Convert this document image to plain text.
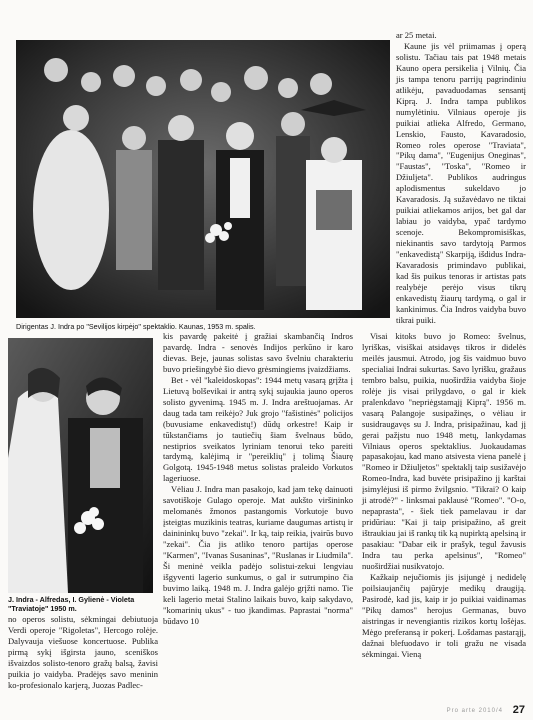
Dirigentas J. Indra po "Sevilijos kirpėjo" spektaklio. Kaunas, 1953 m. spalis.
J. Indra - Alfredas, I. Gylienė - Violeta "Traviatoje" 1950 m.

ar 25 metai.

Kaune jis vėl priimamas į operą solistu. Tačiau tais pat 1948 metais Kauno opera persikelia į Vilnių. Čia jis tampa tenoru parrijų pagrindiniu atlikėju, pavaduodamas sensantį Kiprą. J. Indra tampa publikos numylėtiniu. Vilniaus operoje jis puikiai atlieka Alfredo, Germano, Lenskio, Fausto, Kavaradosio, Romeo roles operose "Traviata", "Pikų dama", "Eugenijus Oneginas", "Faustas", "Toska", "Romeo ir Džiuljeta". Publikos audringus aplodismentus sukeldavo jo Kavaradosis. Ją sužavėdavo ne tiktai puikiai atliekamos arijos, bet gal dar labiau jo vaidyba, ypač tardymo scenoje. Bekompromisiškas, niekinantis savo tardytoją Parmos "enkavedistą" Skarpiją, išdidus Indra-Kavaradosis primindavo publikai, kad šis puikus tenoras ir artistas pats realybėje perėjo visus tikrų enkavedistų žiaurų tardymą, o gal ir kankinimus. Čia Indros vaidyba buvo tikrai puiki.

kis pavardę pakeitė į gražiai skambančią Indros pavardę. Indra - senovės Indijos perkūno ir karo dievas. Beje, jaunas solistas savo švelniu charakteriu buvo priešingybė šio dievo grėsmingiems įvaizdžiams.

Bet - vėl "kaleidoskopas": 1944 metų vasarą grįžta į Lietuvą bolševikai ir antrą sykį sujaukia jauno operos solisto gyvenimą. 1945 m. J. Indra areštuojamas. Ar daug tada tam reikėjo? Juk grojo "fašistinės" policijos (buvusiame enkavedistų!) dūdų orkestre! Kaip ir tūkstančiams jo tautiečių šiam švelnaus būdo, nestiprios sveikatos lyriniam tenorui teko pareiti tardymą, kalėjimą ir "pereiklių" į tolimą Šiaurę Golgotą. 1945-1948 metus solistas praleido Vorkutos lageriuose.

Vėliau J. Indra man pasakojo, kad jam tekę dainuoti savotiškoje Gulago operoje. Mat aukšto viršininko melomanės žmonos pastangomis Vorkutoje buvo įsteigtas muzikinis teatras, kuriame daugumas artistų ir dainininkų buvo "zekai". Ir ką, taip reikia, įvairūs buvo "zekai". Čia jis atliko tenoro partijas operose "Karmen", "Ivanas Susaninas", "Ruslanas ir Liudmila". Ši meninė veikla padėjo solistui-zekui lengviau išgyventi lagerio sunkumus, o gal ir sutrumpino čia buvimo laiką. 1948 m. J. Indra galėjo grįžti namo. Tie keli lagerio metai Stalino laikais buvo, kaip sakydavo, "komarinių ukus" - tuo jkandimas. Paprastai "norma" būdavo 10

no operos solistu, sėkmingai debiutuoja Verdi operoje "Rigoletas", Hercogo rolėje. Dalyvauja viešuose koncertuose. Publika pirmą sykį išgirsta jauno, sceniškos išvaizdos solisto-tenoro gražų balsą, žavisi puikia jo vaidyba. Pradėjęs savo meninin ko-profesionalo karjerą, Juozas Padlec-

Visai kitoks buvo jo Romeo: švelnus, lyriškas, visiškai atsidavęs tikros ir didelės meilės jausmui. Atrodo, jog šis vaidmuo buvo specialiai Indrai sukurtas. Savo lyrišku, gražaus tembro balsu, puikia, nuoširdžia vaidyba šioje rolėje jis visai prilygdavo, o gal ir kiek pralenkdavo "nepriėgstamąjį Kiprą". 1956 m. vasarą Palangoje susipažinęs, o vėliau ir susidraugavęs su J. Indra, prisipažinau, kad jį gerai pažįstu nuo 1948 metų, lankydamas Vilniaus operos spektaklius. Juokaudamas papasakojau, kad mano atsivesta viena panelė į "Romeo ir Džiuljetos" spektaklį taip susižavėjo Romeo-Indra, kad buvėte prisipažino jį karštai įsimylėjusi iš pirmo žvilgsnio. "Tikrai? O kaip ji atrodė?" - linksmai paklausė "Romeo". "O-o, nepaprasta", - šiek tiek pamelavau ir dar pridūriau: "Kai ji taip prisipažino, aš greit ištraukiau jai iš rankų tik ką nupirktą apelsiną ir pasakiau: "Dabar eik ir prašyk, tegul žavusis Indra tau perka apelsinus", "Romeo" nuoširdžiai nusikvatojo.

Kažkaip nejučiomis jis įsijungė į nedidelę poilsiaujančių pajūryje medikų draugiją. Pasirodė, kad jis, kaip ir jo puikiai vaidinamas "Pikų damos" herojus Germanas, buvo aistringas ir nevengiantis rizikos kortų lošėjas. Mėgo preferansą ir pokerį. Lošdamas pastarąjį, dažnai blefuodavo ir toli gražu ne visada sėkmingai. Vieną

Pro arte 2010/4 27
